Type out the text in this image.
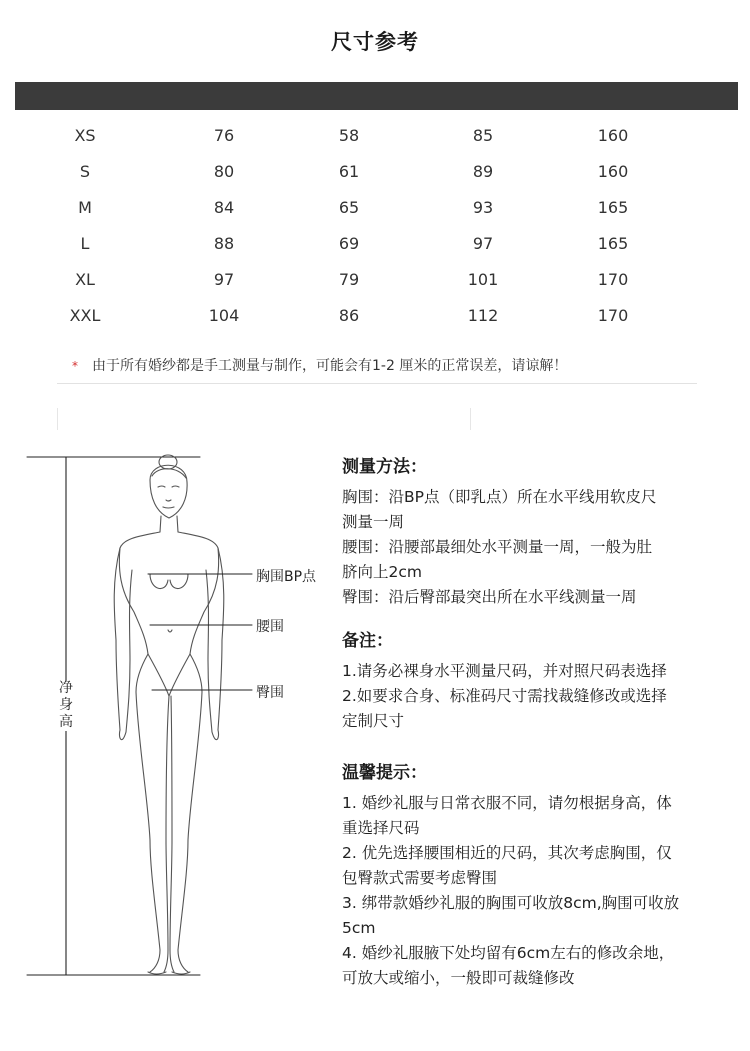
尺寸参考
XS	76	58	85	160
S	80	61	89	160
M	84	65	93	165
L	88	69	97	165
XL	97	79	101	170
XXL	104	86	112	170
* 由于所有婚纱都是手工测量与制作，可能会有1-2 厘米的正常误差，请谅解！
胸围BP点
腰围
臀围
净身高
测量方法：

胸围：沿BP点（即乳点）所在水平线用软皮尺

测量一周

腰围：沿腰部最细处水平测量一周，一般为肚

脐向上2cm

臀围：沿后臀部最突出所在水平线测量一周

备注：

1.请务必裸身水平测量尺码，并对照尺码表选择

2.如要求合身、标准码尺寸需找裁缝修改或选择

定制尺寸

温馨提示：

1. 婚纱礼服与日常衣服不同，请勿根据身高，体

重选择尺码

2. 优先选择腰围相近的尺码，其次考虑胸围，仅

包臀款式需要考虑臀围

3. 绑带款婚纱礼服的胸围可收放8cm,胸围可收放

5cm

4. 婚纱礼服腋下处均留有6cm左右的修改余地，

可放大或缩小，一般即可裁缝修改
